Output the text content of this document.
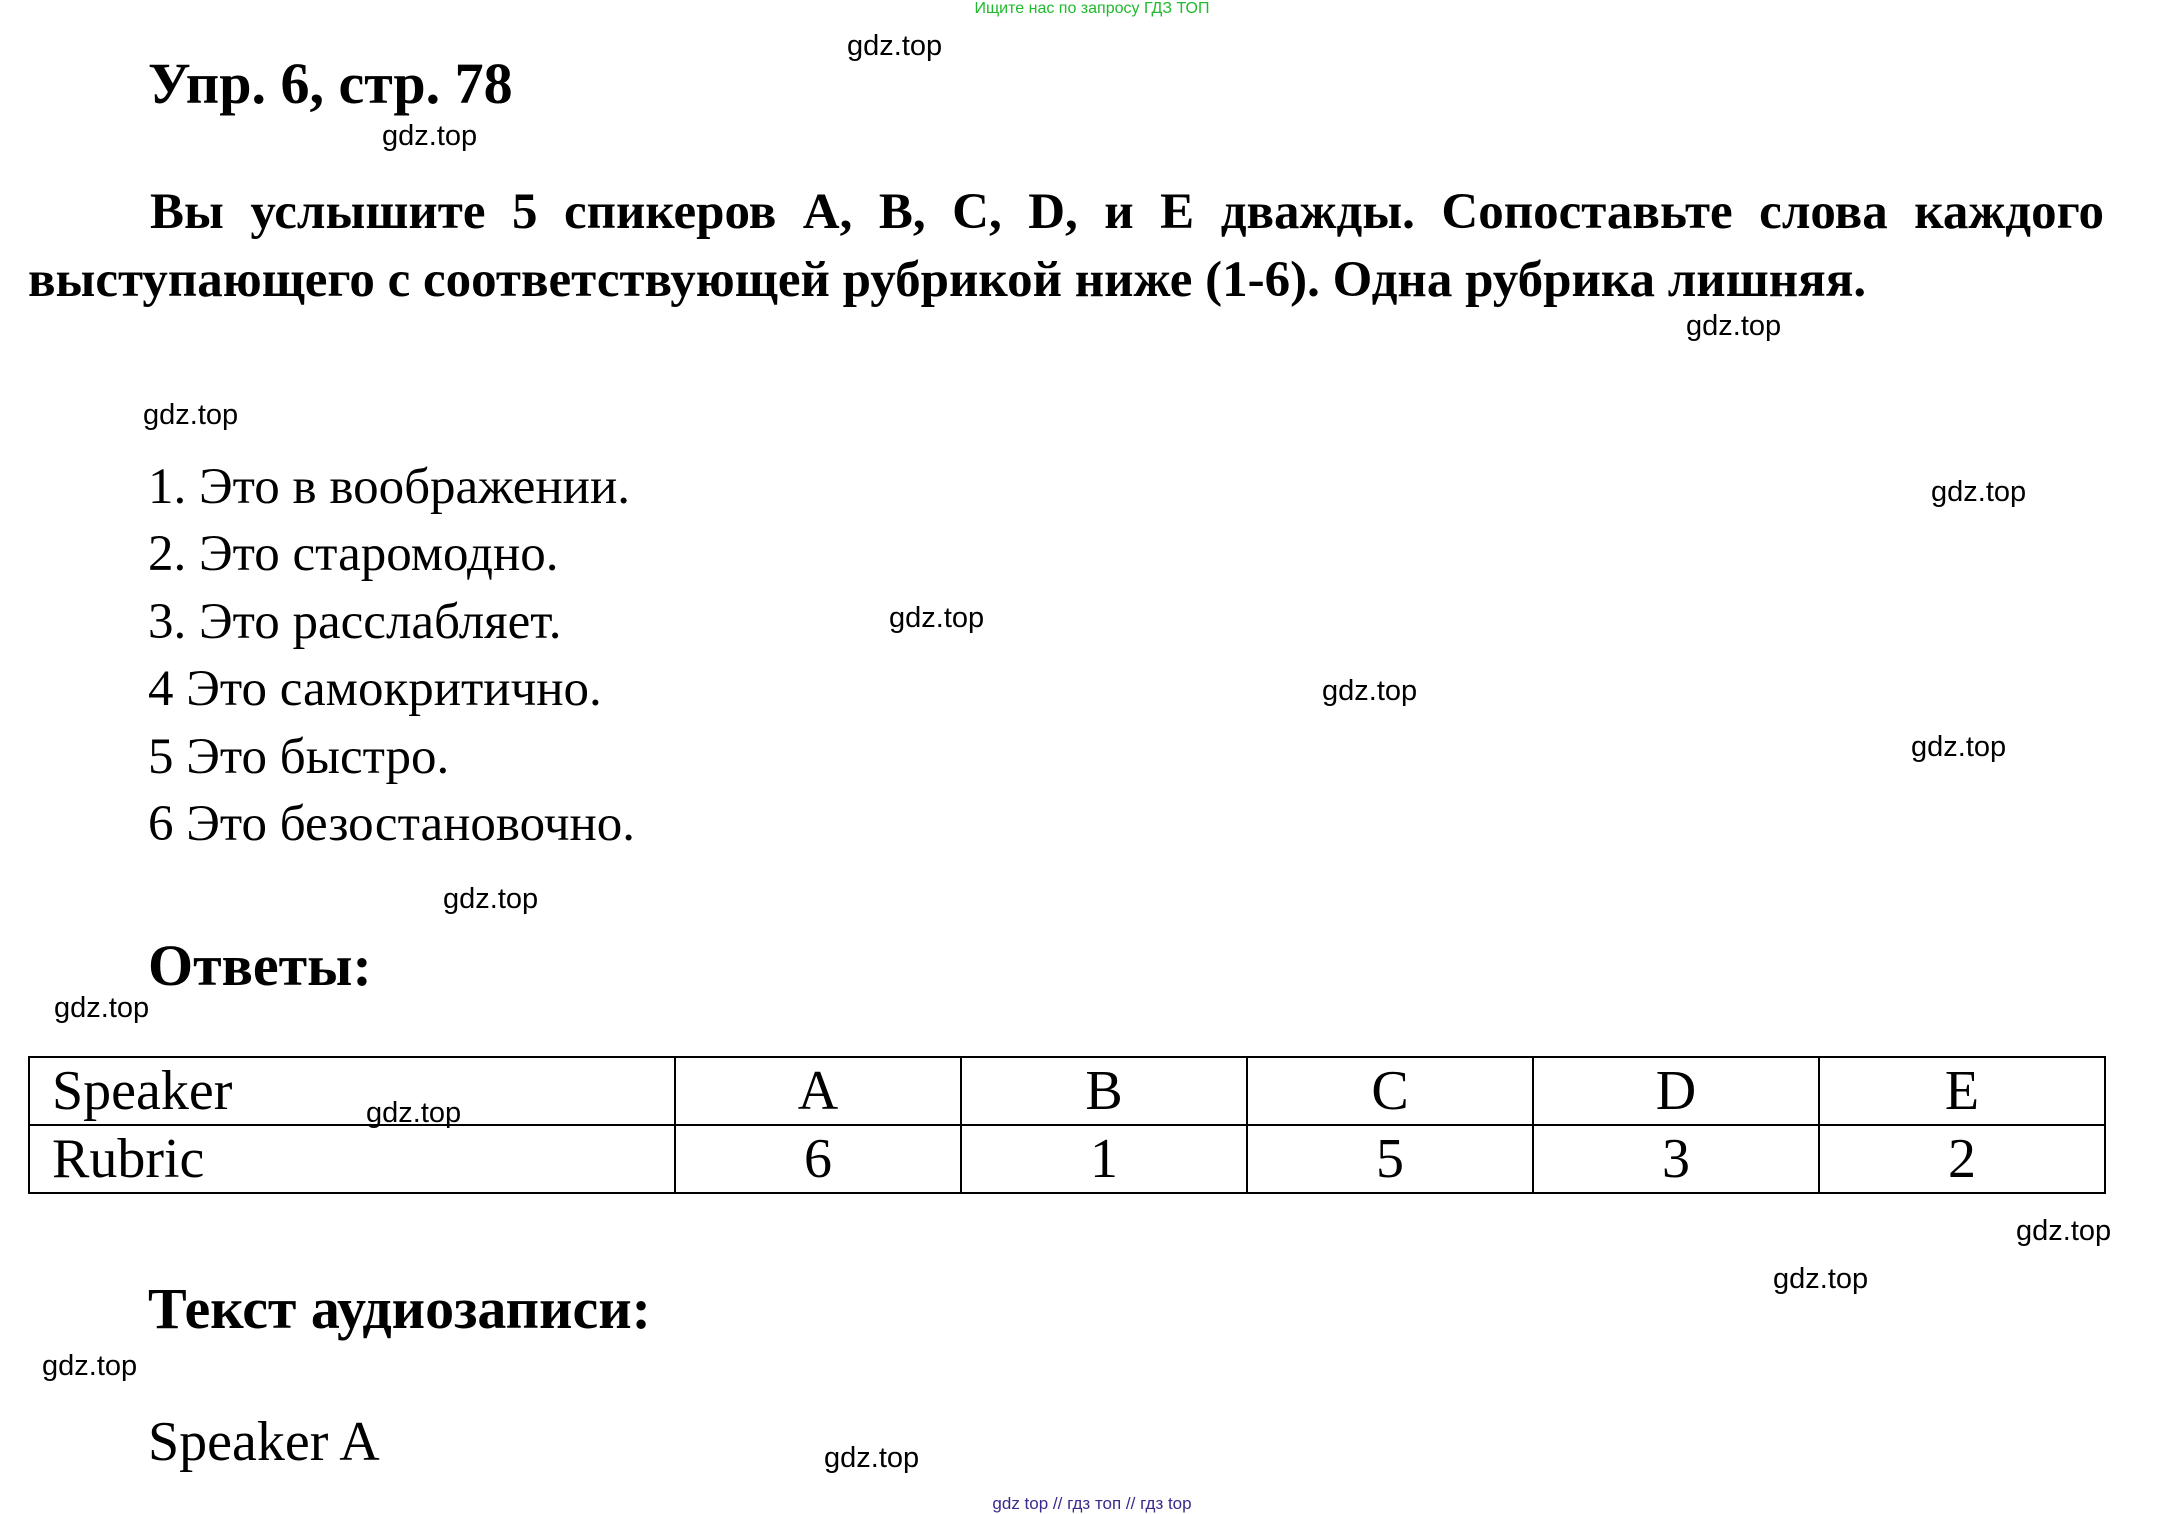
Ищите нас по запросу ГДЗ ТОП
Упр. 6, стр. 78
Вы услышите 5 спикеров A, B, C, D, и E дважды. Сопоставьте слова каждого выступающего с соответствующей рубрикой ниже (1-6). Одна рубрика лишняя.
1. Это в воображении.
2. Это старомодно.
3. Это расслабляет.
4 Это самокритично.
5 Это быстро.
6 Это безостановочно.
Ответы:
Speaker	A	B	C	D	E
Rubric	6	1	5	3	2
Текст аудиозаписи:
Speaker A
gdz.top
gdz.top
gdz.top
gdz.top
gdz.top
gdz.top
gdz.top
gdz.top
gdz.top
gdz.top
gdz.top
gdz.top
gdz.top
gdz.top
gdz.top
gdz top // гдз топ // гдз top
